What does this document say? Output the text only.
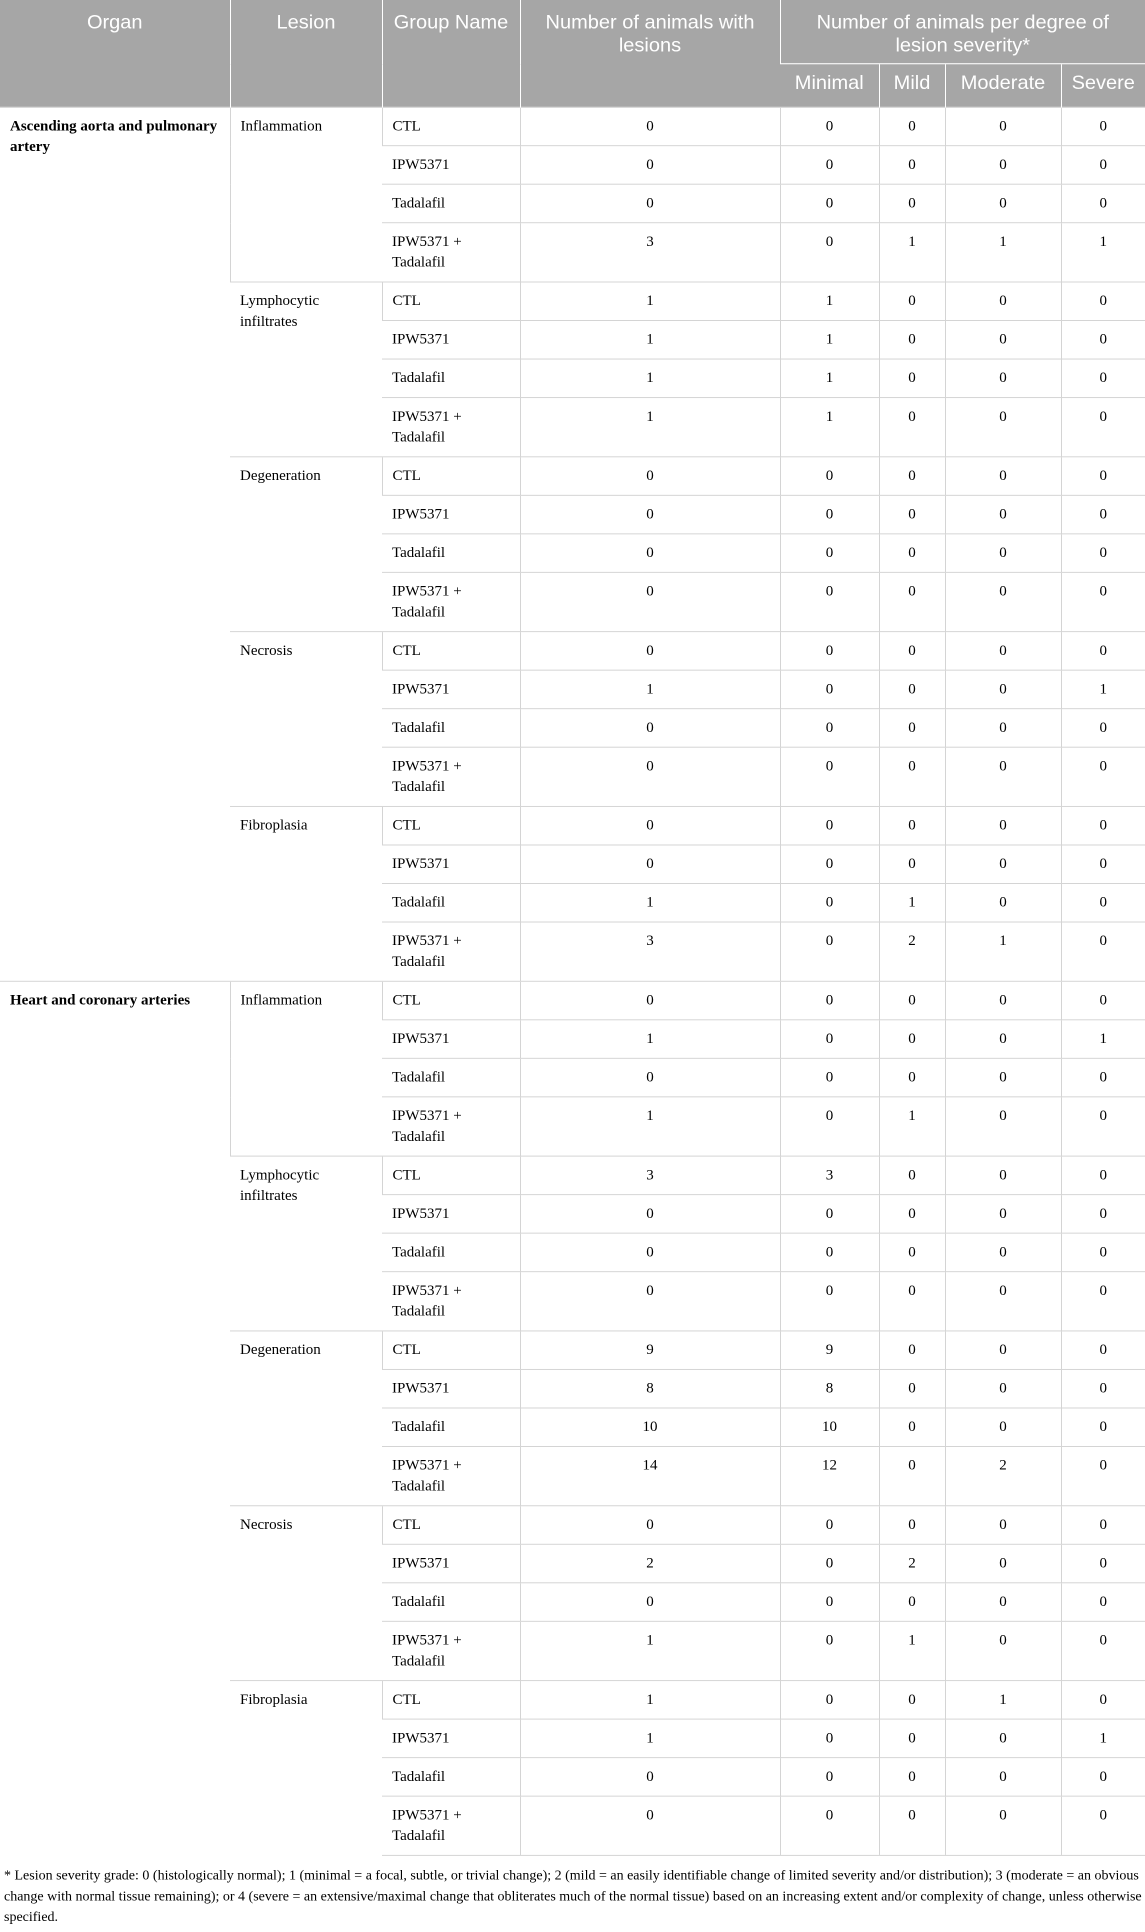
Organ	Lesion	Group Name	Number of animals with lesions	Number of animals per degree of lesion severity*			
				Minimal	Mild	Moderate	Severe
Ascending aorta and pulmonary artery	Inflammation	CTL	0	0	0	0	0
		IPW5371	0	0	0	0	0
		Tadalafil	0	0	0	0	0
		IPW5371 + Tadalafil	3	0	1	1	1
	Lymphocytic infiltrates	CTL	1	1	0	0	0
		IPW5371	1	1	0	0	0
		Tadalafil	1	1	0	0	0
		IPW5371 + Tadalafil	1	1	0	0	0
	Degeneration	CTL	0	0	0	0	0
		IPW5371	0	0	0	0	0
		Tadalafil	0	0	0	0	0
		IPW5371 + Tadalafil	0	0	0	0	0
	Necrosis	CTL	0	0	0	0	0
		IPW5371	1	0	0	0	1
		Tadalafil	0	0	0	0	0
		IPW5371 + Tadalafil	0	0	0	0	0
	Fibroplasia	CTL	0	0	0	0	0
		IPW5371	0	0	0	0	0
		Tadalafil	1	0	1	0	0
		IPW5371 + Tadalafil	3	0	2	1	0
Heart and coronary arteries	Inflammation	CTL	0	0	0	0	0
		IPW5371	1	0	0	0	1
		Tadalafil	0	0	0	0	0
		IPW5371 + Tadalafil	1	0	1	0	0
	Lymphocytic infiltrates	CTL	3	3	0	0	0
		IPW5371	0	0	0	0	0
		Tadalafil	0	0	0	0	0
		IPW5371 + Tadalafil	0	0	0	0	0
	Degeneration	CTL	9	9	0	0	0
		IPW5371	8	8	0	0	0
		Tadalafil	10	10	0	0	0
		IPW5371 + Tadalafil	14	12	0	2	0
	Necrosis	CTL	0	0	0	0	0
		IPW5371	2	0	2	0	0
		Tadalafil	0	0	0	0	0
		IPW5371 + Tadalafil	1	0	1	0	0
	Fibroplasia	CTL	1	0	0	1	0
		IPW5371	1	0	0	0	1
		Tadalafil	0	0	0	0	0
		IPW5371 + Tadalafil	0	0	0	0	0
* Lesion severity grade: 0 (histologically normal); 1 (minimal = a focal, subtle, or trivial change); 2 (mild = an easily identifiable change of limited severity and/or distribution); 3 (moderate = an obvious change with normal tissue remaining); or 4 (severe = an extensive/maximal change that obliterates much of the normal tissue) based on an increasing extent and/or complexity of change, unless otherwise specified.
